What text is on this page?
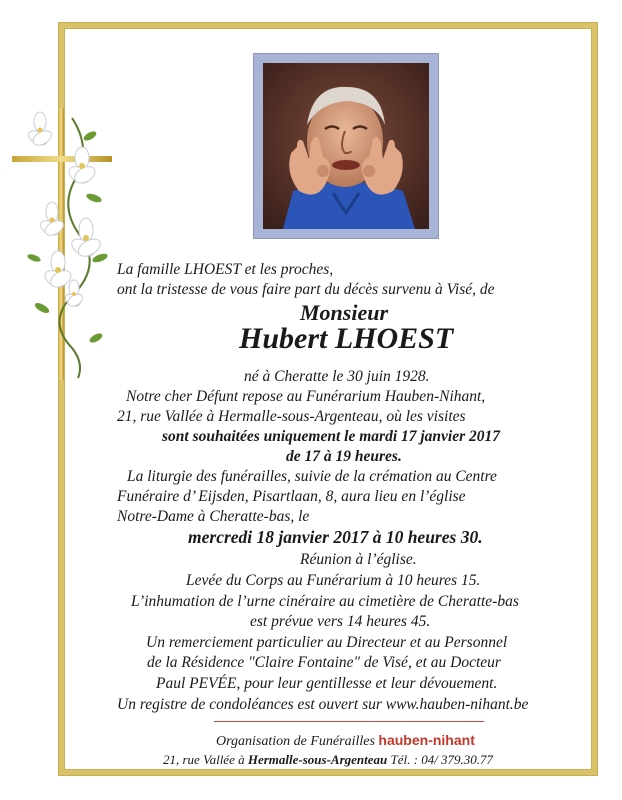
La famille LHOEST et les proches,
ont la tristesse de vous faire part du décès survenu à Visé, de
Monsieur
Hubert LHOEST
né à Cheratte le 30 juin 1928.
Notre cher Défunt repose au Funérarium Hauben-Nihant,
21, rue Vallée à Hermalle-sous-Argenteau, où les visites
sont souhaitées uniquement le mardi 17 janvier 2017
de 17 à 19 heures.
La liturgie des funérailles, suivie de la crémation au Centre
Funéraire d’ Eijsden, Pisartlaan, 8, aura lieu en l’église
Notre-Dame à Cheratte-bas, le
mercredi 18 janvier 2017 à 10 heures 30.
Réunion à l’église.
Levée du Corps au Funérarium à 10 heures 15.
L’inhumation de l’urne cinéraire au cimetière de Cheratte-bas
est prévue vers 14 heures 45.
Un remerciement particulier au Directeur et au Personnel
de la Résidence "Claire Fontaine" de Visé, et au Docteur
Paul PEVÉE, pour leur gentillesse et leur dévouement.
Un registre de condoléances est ouvert sur www.hauben-nihant.be
Organisation de Funérailles hauben-nihant
21, rue Vallée à Hermalle-sous-Argenteau Tél. : 04/ 379.30.77
